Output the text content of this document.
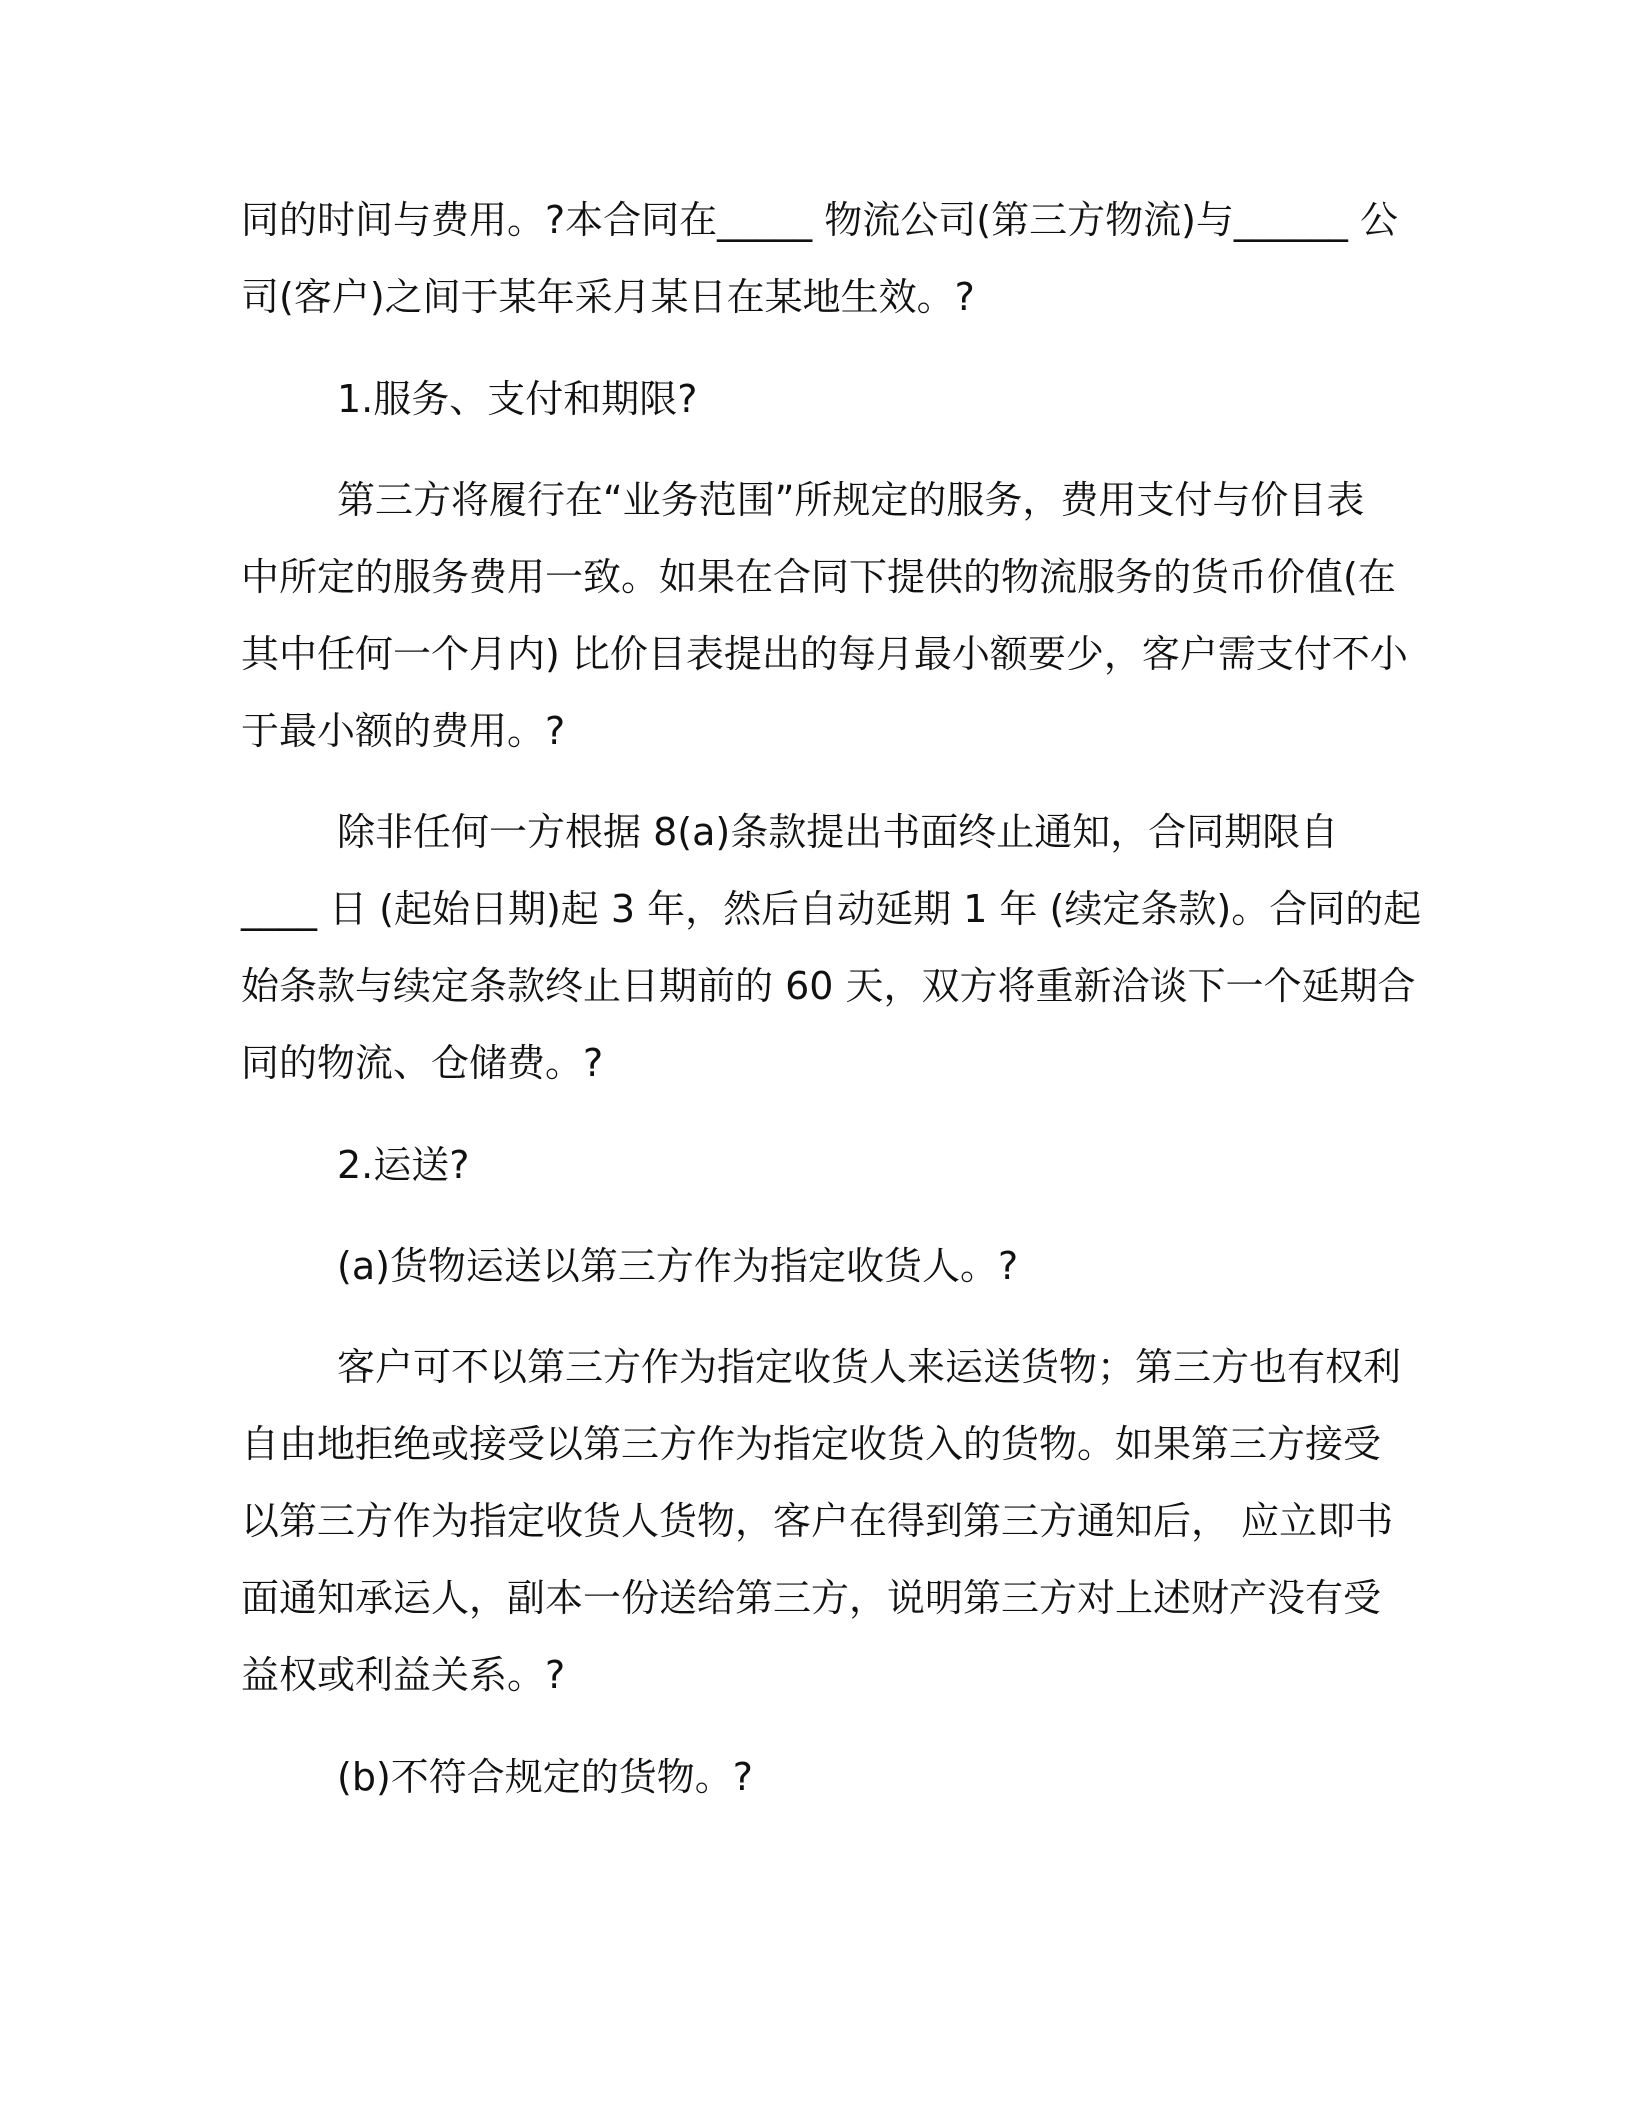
同的时间与费用。?本合同在_____ 物流公司(第三方物流)与______ 公
司(客户)之间于某年采月某日在某地生效。?
1.服务、支付和期限?
第三方将履行在“业务范围”所规定的服务，费用支付与价目表
中所定的服务费用一致。如果在合同下提供的物流服务的货币价值(在
其中任何一个月内) 比价目表提出的每月最小额要少，客户需支付不小
于最小额的费用。?
除非任何一方根据 8(a)条款提出书面终止通知，合同期限自
____ 日 (起始日期)起 3 年，然后自动延期 1 年 (续定条款)。合同的起
始条款与续定条款终止日期前的 60 天，双方将重新洽谈下一个延期合
同的物流、仓储费。?
2.运送?
(a)货物运送以第三方作为指定收货人。?
客户可不以第三方作为指定收货人来运送货物；第三方也有权利
自由地拒绝或接受以第三方作为指定收货入的货物。如果第三方接受
以第三方作为指定收货人货物，客户在得到第三方通知后， 应立即书
面通知承运人，副本一份送给第三方，说明第三方对上述财产没有受
益权或利益关系。?
(b)不符合规定的货物。?
